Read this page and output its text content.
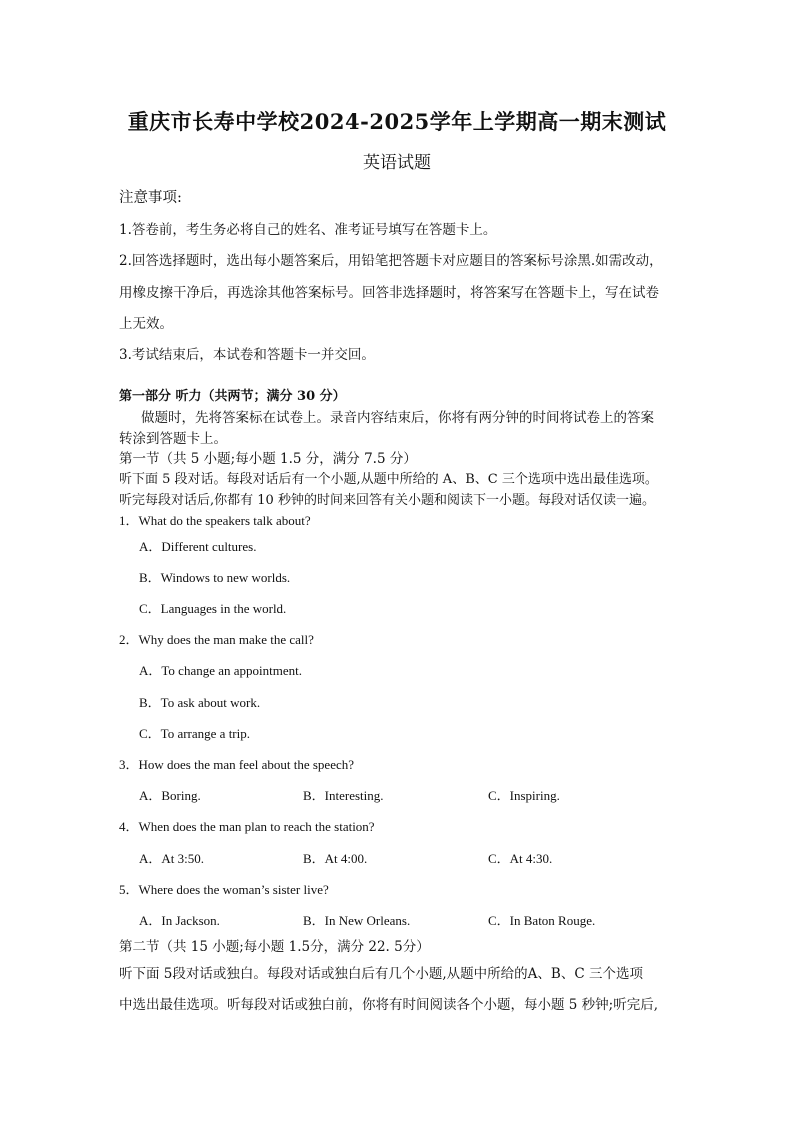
重庆市长寿中学校2024-2025学年上学期高一期末测试
英语试题
注意事项:
1.答卷前，考生务必将自己的姓名、准考证号填写在答题卡上。
2.回答选择题时，选出每小题答案后，用铅笔把答题卡对应题目的答案标号涂黑.如需改动，
用橡皮擦干净后，再选涂其他答案标号。回答非选择题时，将答案写在答题卡上，写在试卷
上无效。
3.考试结束后，本试卷和答题卡一并交回。
第一部分 听力（共两节；满分 30 分）
做题时，先将答案标在试卷上。录音内容结束后，你将有两分钟的时间将试卷上的答案
转涂到答题卡上。
第一节（共 5 小题;每小题 1.5 分，满分 7.5 分）
听下面 5 段对话。每段对话后有一个小题,从题中所给的 A、B、C 三个选项中选出最佳选项。
听完每段对话后,你都有 10 秒钟的时间来回答有关小题和阅读下一小题。每段对话仅读一遍。
1．What do the speakers talk about?
A．Different cultures.
B．Windows to new worlds.
C．Languages in the world.
2．Why does the man make the call?
A．To change an appointment.
B．To ask about work.
C．To arrange a trip.
3．How does the man feel about the speech?
A．Boring.	B．Interesting.	C．Inspiring.
4．When does the man plan to reach the station?
A．At 3:50.	B．At 4:00.	C．At 4:30.
5．Where does the woman’s sister live?
A．In Jackson.	B．In New Orleans.	C．In Baton Rouge.
第二节（共 15 小题;每小题 1.5分，满分 22. 5分）
听下面 5段对话或独白。每段对话或独白后有几个小题,从题中所给的A、B、C 三个选项
中选出最佳选项。听每段对话或独白前，你将有时间阅读各个小题，每小题 5 秒钟;听完后,
